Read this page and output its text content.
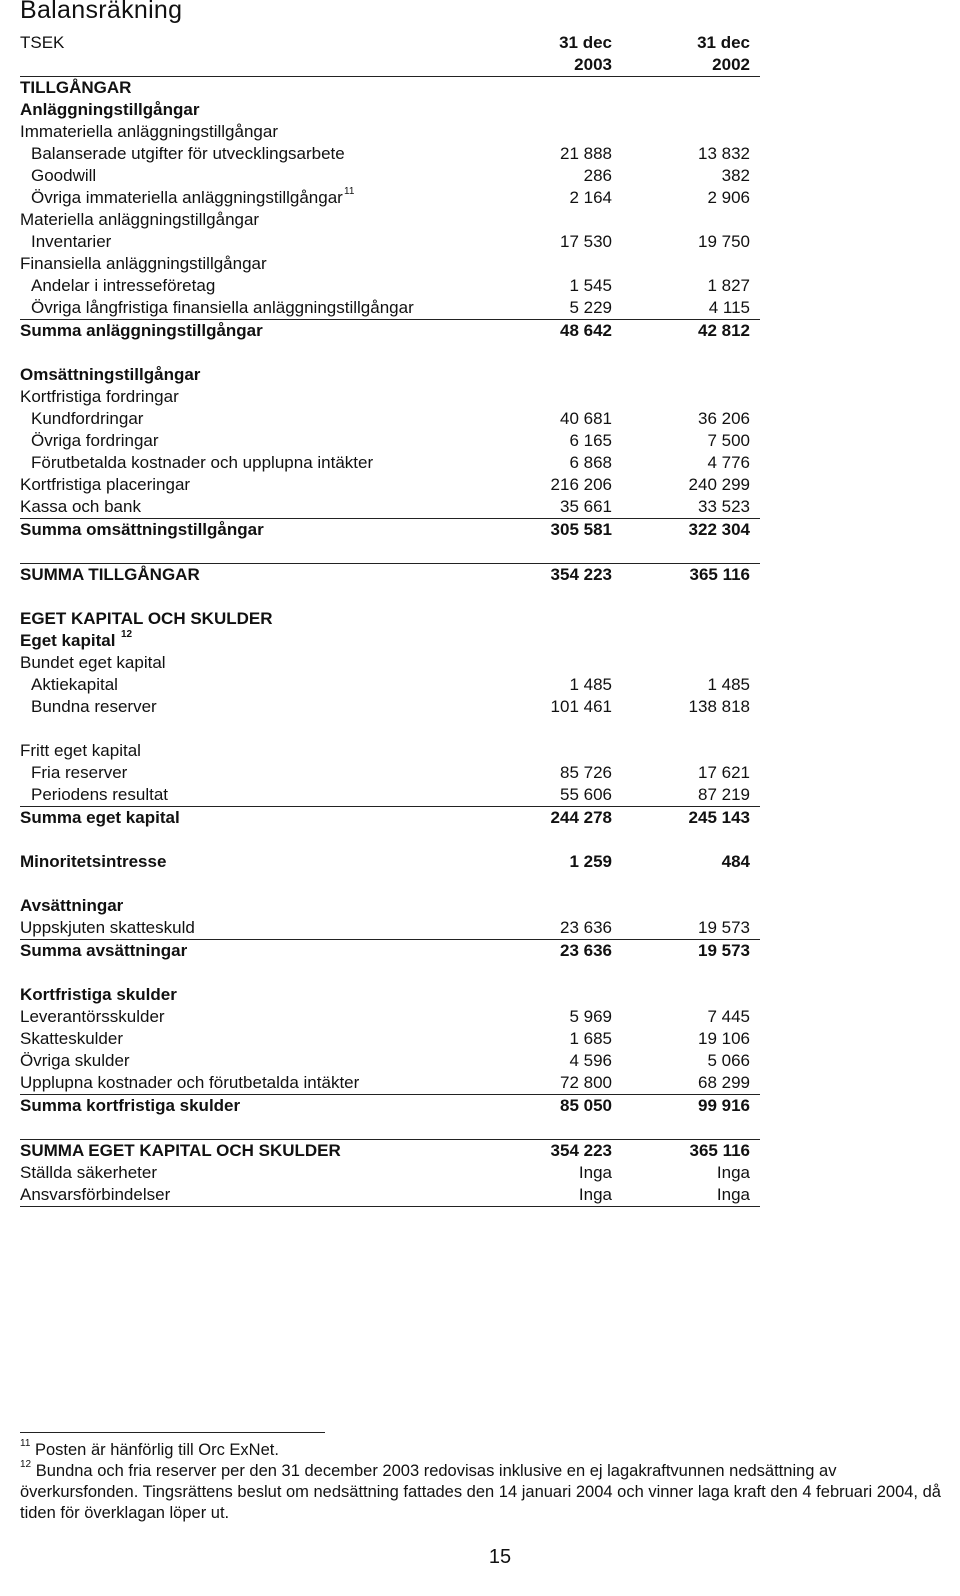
Balansräkning
TSEK	31 dec	31 dec
2003	2002
TILLGÅNGAR
Anläggningstillgångar
Immateriella anläggningstillgångar
Balanserade utgifter för utvecklingsarbete	21 888	13 832
Goodwill	286	382
Övriga immateriella anläggningstillgångar 11	2 164	2 906
Materiella anläggningstillgångar
Inventarier	17 530	19 750
Finansiella anläggningstillgångar
Andelar i intresseföretag	1 545	1 827
Övriga långfristiga finansiella anläggningstillgångar	5 229	4 115
Summa anläggningstillgångar	48 642	42 812
Omsättningstillgångar
Kortfristiga fordringar
Kundfordringar	40 681	36 206
Övriga fordringar	6 165	7 500
Förutbetalda kostnader och upplupna intäkter	6 868	4 776
Kortfristiga placeringar	216 206	240 299
Kassa och bank	35 661	33 523
Summa omsättningstillgångar	305 581	322 304
SUMMA TILLGÅNGAR	354 223	365 116
EGET KAPITAL OCH SKULDER
Eget kapital 12
Bundet eget kapital
Aktiekapital	1 485	1 485
Bundna reserver	101 461	138 818
Fritt eget kapital
Fria reserver	85 726	17 621
Periodens resultat	55 606	87 219
Summa eget kapital	244 278	245 143
Minoritetsintresse	1 259	484
Avsättningar
Uppskjuten skatteskuld	23 636	19 573
Summa avsättningar	23 636	19 573
Kortfristiga skulder
Leverantörsskulder	5 969	7 445
Skatteskulder	1 685	19 106
Övriga skulder	4 596	5 066
Upplupna kostnader och förutbetalda intäkter	72 800	68 299
Summa kortfristiga skulder	85 050	99 916
SUMMA EGET KAPITAL OCH SKULDER	354 223	365 116
Ställda säkerheter	Inga	Inga
Ansvarsförbindelser	Inga	Inga

$^{11}$ Posten är hänförlig till Orc ExNet.

$^{12}$ Bundna och fria reserver per den 31 december 2003 redovisas inklusive en ej lagakraftvunnen nedsättning av överkursfonden. Tingsrättens beslut om nedsättning fattades den 14 januari 2004 och vinner laga kraft den 4 februari 2004, då tiden för överklagan löper ut.

15
